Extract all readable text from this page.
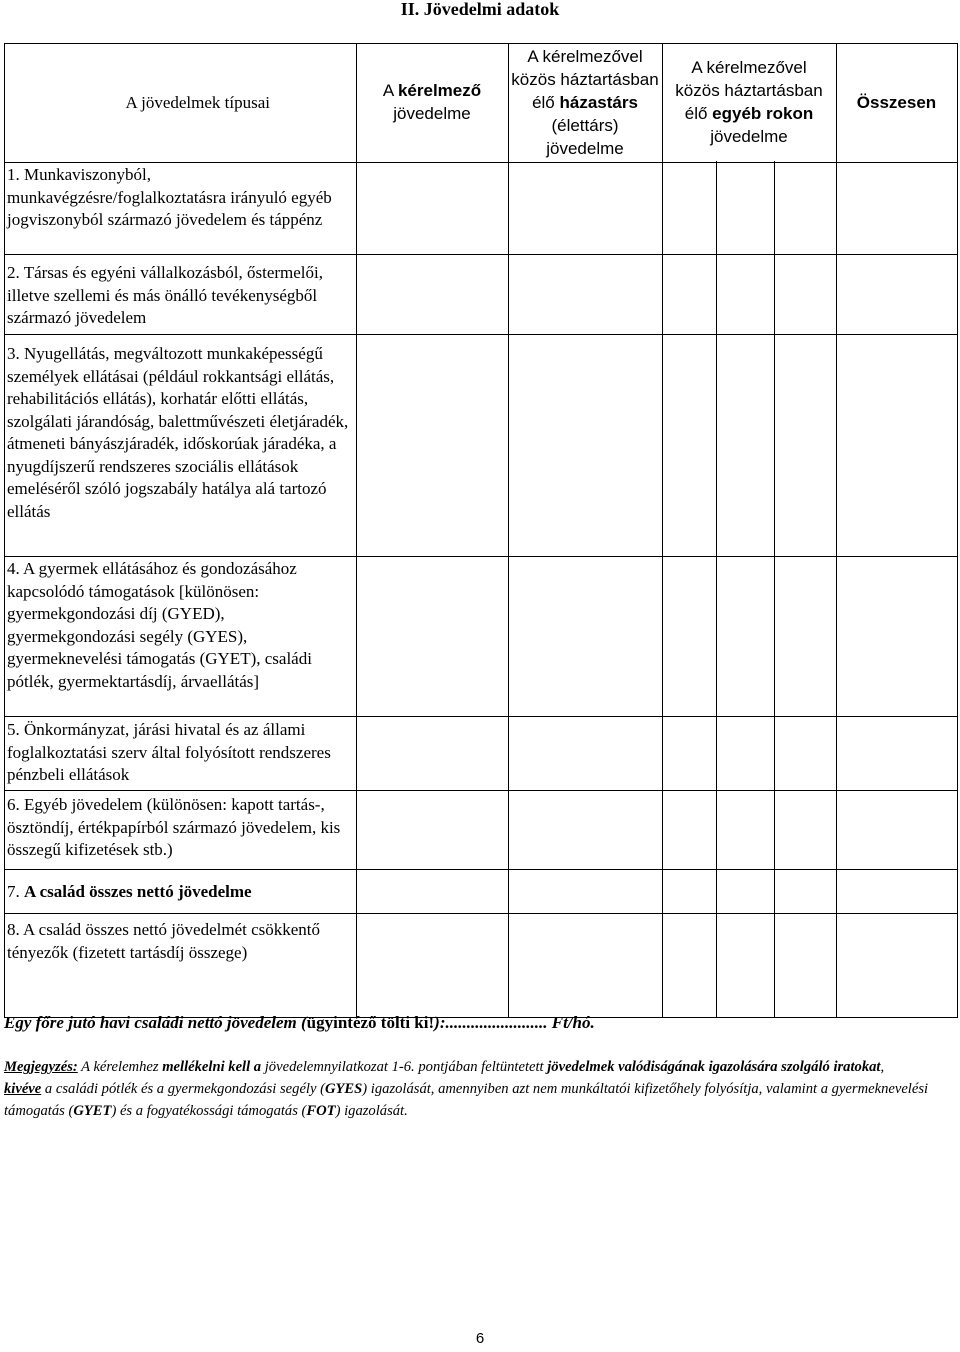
II. Jövedelmi adatok
A jövedelmek típusai
A kérelmező
jövedelme
A kérelmezővel
közös háztartásban
élő házastárs
(élettárs)
jövedelme
A kérelmezővel
közös háztartásban
élő egyéb rokon
jövedelme
Összesen
1. Munkaviszonyból, munkavégzésre/foglalkoztatásra irányuló egyéb jogviszonyból származó jövedelem és táppénz
2. Társas és egyéni vállalkozásból, őstermelői, illetve szellemi és más önálló tevékenységből származó jövedelem
3. Nyugellátás, megváltozott munkaképességű személyek ellátásai (például rokkantsági ellátás, rehabilitációs ellátás), korhatár előtti ellátás, szolgálati járandóság, balettművészeti életjáradék, átmeneti bányászjáradék, időskorúak járadéka, a nyugdíjszerű rendszeres szociális ellátások emeléséről szóló jogszabály hatálya alá tartozó ellátás
4. A gyermek ellátásához és gondozásához kapcsolódó támogatások [különösen: gyermekgondozási díj (GYED), gyermekgondozási segély (GYES), gyermeknevelési támogatás (GYET), családi pótlék, gyermektartásdíj, árvaellátás]
5. Önkormányzat, járási hivatal és az állami foglalkoztatási szerv által folyósított rendszeres pénzbeli ellátások
6. Egyéb jövedelem (különösen: kapott tartás-, ösztöndíj, értékpapírból származó jövedelem, kis összegű kifizetések stb.)
7. A család összes nettó jövedelme
8. A család összes nettó jövedelmét csökkentő tényezők (fizetett tartásdíj összege)
Egy főre jutó havi családi nettó jövedelem (ügyintéző tölti ki!):........................ Ft/hó.
Megjegyzés: A kérelemhez mellékelni kell a jövedelemnyilatkozat 1-6. pontjában feltüntetett jövedelmek valódiságának igazolására szolgáló iratokat,
kivéve a családi pótlék és a gyermekgondozási segély (GYES) igazolását, amennyiben azt nem munkáltatói kifizetőhely folyósítja, valamint a gyermeknevelési támogatás (GYET) és a fogyatékossági támogatás (FOT) igazolását.
6
